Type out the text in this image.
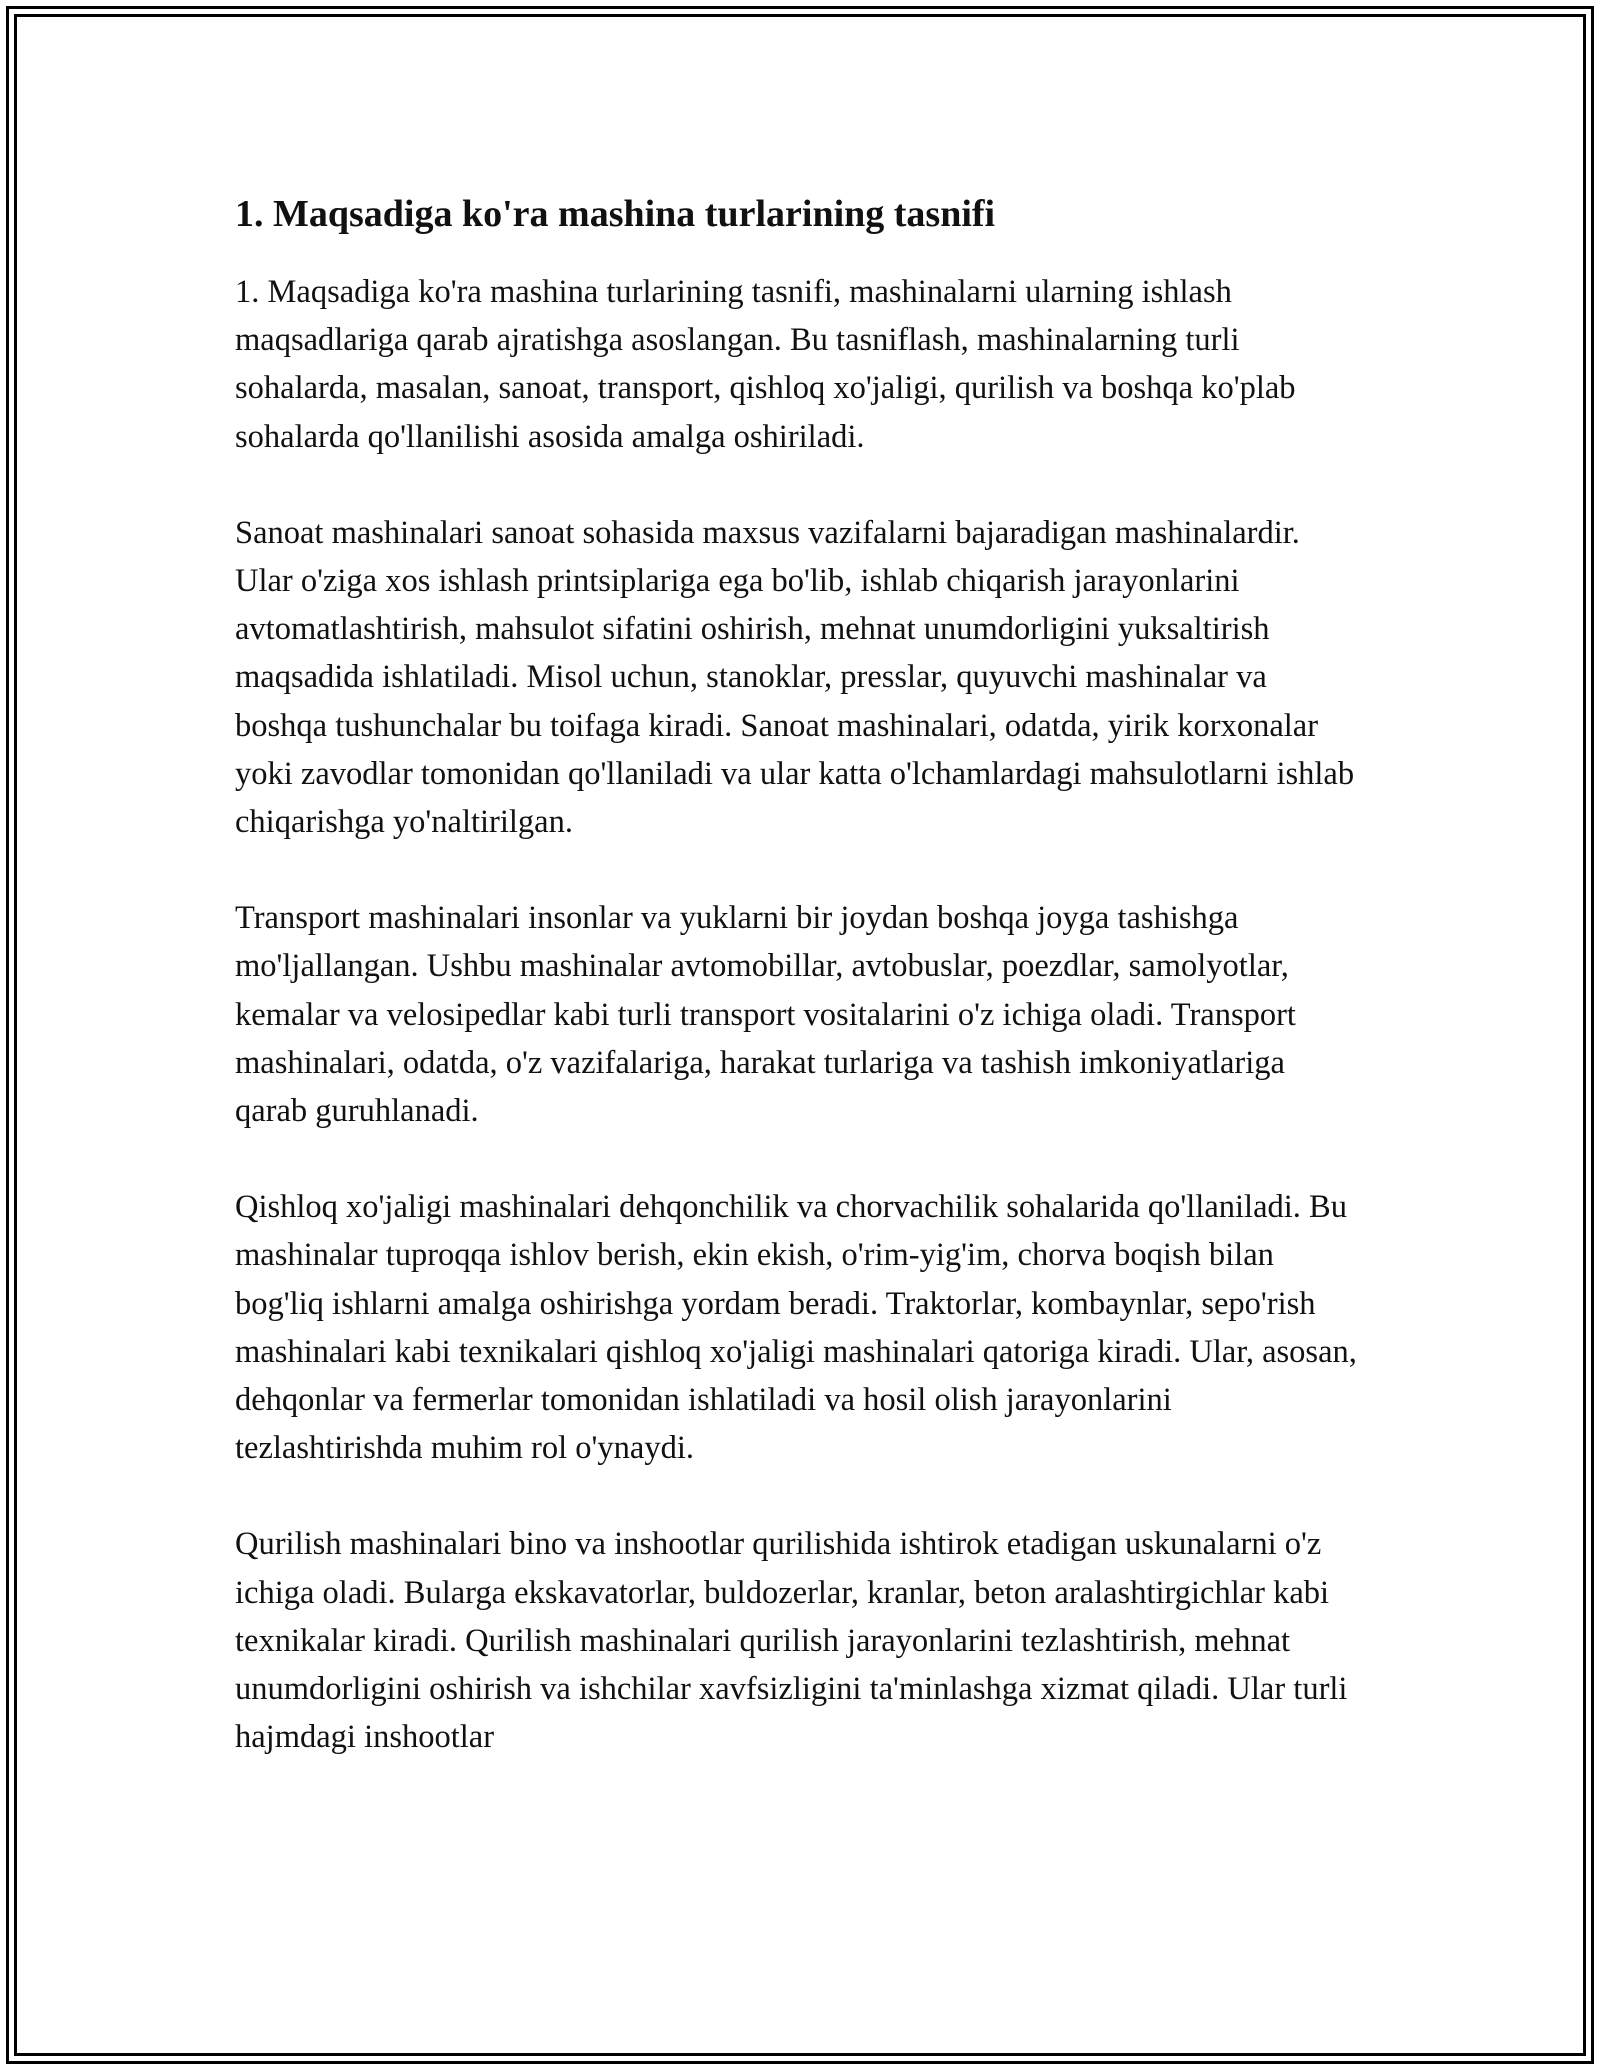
1. Maqsadiga ko'ra mashina turlarining tasnifi

1. Maqsadiga ko'ra mashina turlarining tasnifi, mashinalarni ularning ishlash maqsadlariga qarab ajratishga asoslangan. Bu tasniflash, mashinalarning turli sohalarda, masalan, sanoat, transport, qishloq xo'jaligi, qurilish va boshqa ko'plab sohalarda qo'llanilishi asosida amalga oshiriladi.

Sanoat mashinalari sanoat sohasida maxsus vazifalarni bajaradigan mashinalardir. Ular o'ziga xos ishlash printsiplariga ega bo'lib, ishlab chiqarish jarayonlarini avtomatlashtirish, mahsulot sifatini oshirish, mehnat unumdorligini yuksaltirish maqsadida ishlatiladi. Misol uchun, stanoklar, presslar, quyuvchi mashinalar va boshqa tushunchalar bu toifaga kiradi. Sanoat mashinalari, odatda, yirik korxonalar yoki zavodlar tomonidan qo'llaniladi va ular katta o'lchamlardagi mahsulotlarni ishlab chiqarishga yo'naltirilgan.

Transport mashinalari insonlar va yuklarni bir joydan boshqa joyga tashishga mo'ljallangan. Ushbu mashinalar avtomobillar, avtobuslar, poezdlar, samolyotlar, kemalar va velosipedlar kabi turli transport vositalarini o'z ichiga oladi. Transport mashinalari, odatda, o'z vazifalariga, harakat turlariga va tashish imkoniyatlariga qarab guruhlanadi.

Qishloq xo'jaligi mashinalari dehqonchilik va chorvachilik sohalarida qo'llaniladi. Bu mashinalar tuproqqa ishlov berish, ekin ekish, o'rim-yig'im, chorva boqish bilan bog'liq ishlarni amalga oshirishga yordam beradi. Traktorlar, kombaynlar, sepo'rish mashinalari kabi texnikalari qishloq xo'jaligi mashinalari qatoriga kiradi. Ular, asosan, dehqonlar va fermerlar tomonidan ishlatiladi va hosil olish jarayonlarini tezlashtirishda muhim rol o'ynaydi.

Qurilish mashinalari bino va inshootlar qurilishida ishtirok etadigan uskunalarni o'z ichiga oladi. Bularga ekskavatorlar, buldozerlar, kranlar, beton aralashtirgichlar kabi texnikalar kiradi. Qurilish mashinalari qurilish jarayonlarini tezlashtirish, mehnat unumdorligini oshirish va ishchilar xavfsizligini ta'minlashga xizmat qiladi. Ular turli hajmdagi inshootlar
